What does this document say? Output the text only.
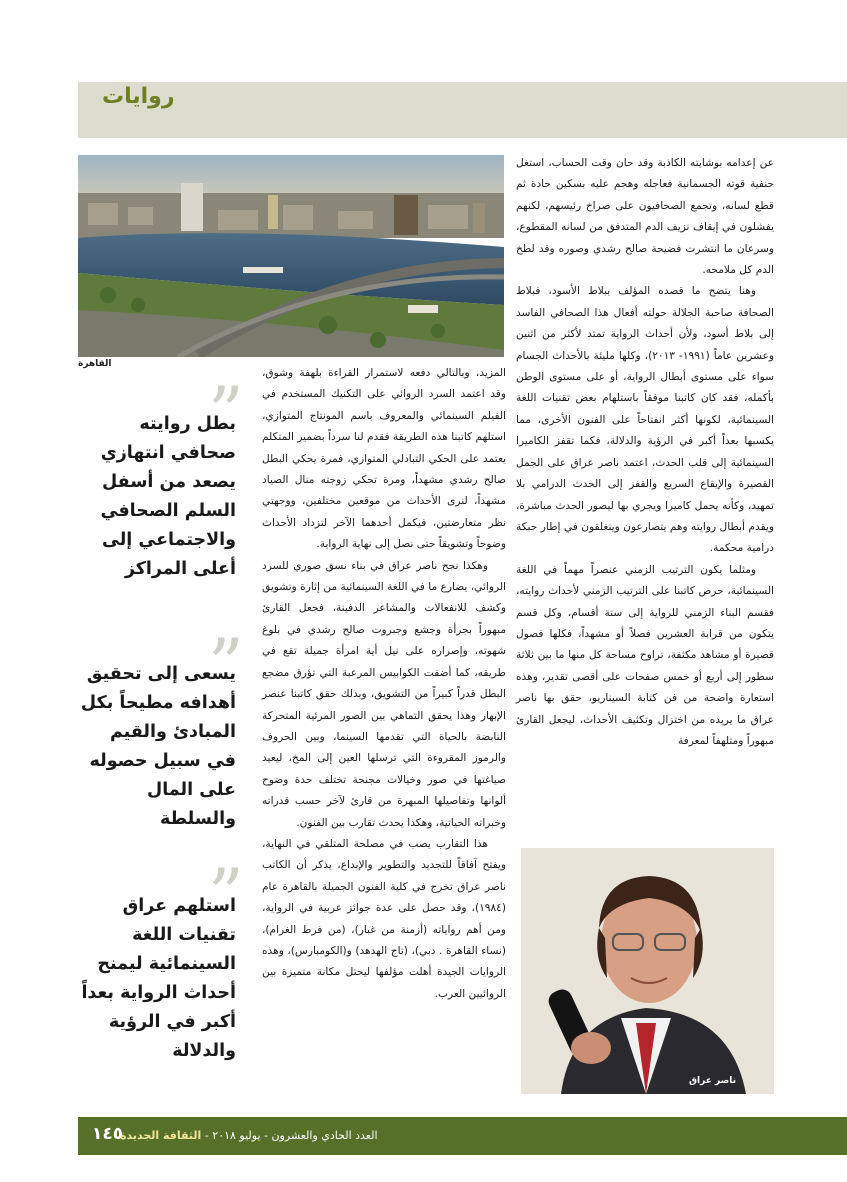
روايات
القاهرة

عن إعدامه بوشايته الكاذبة وقد حان وقت الحساب، استغل حنفية قوته الجسمانية فعاجله وهجم عليه بسكين حادة ثم قطع لسانه، وتجمع الصحافيون على صراخ رئيسهم، لكنهم يفشلون في إيقاف نزيف الدم المتدفق من لسانه المقطوع، وسرعان ما انتشرت فضيحة صالح رشدي وصوره وقد لطخ الدم كل ملامحه.

وهنا يتضح ما قصده المؤلف ببلاط الأسود، فبلاط الصحافة صاحبة الجلالة حولته أفعال هذا الصحافي الفاسد إلى بلاط أسود، ولأن أحداث الرواية تمتد لأكثر من اثنين وعشرين عاماً (١٩٩١- ٢٠١٣)، وكلها مليئة بالأحداث الجسام سواء على مستوى أبطال الرواية، أو على مستوى الوطن بأكمله، فقد كان كاتبنا موفقاً باستلهام بعض تقنيات اللغة السينمائية، لكونها أكثر انفتاحاً على الفنون الأخرى، مما يكسبها بعداً أكبر في الرؤية والدلالة، فكما تقفز الكاميرا السينمائية إلى قلب الحدث، اعتمد ناصر عراق على الجمل القصيرة والإيقاع السريع والقفز إلى الحدث الدرامي بلا تمهيد، وكأنه يحمل كاميرا ويجري بها ليصور الحدث مباشرة، ويقدم أبطال روايته وهم يتصارعون وينغلقون في إطار حبكة درامية محكمة.

ومثلما يكون الترتيب الزمني عنصراً مهماً في اللغة السينمائية، حرص كاتبنا على الترتيب الزمني لأحداث روايته، فقسم البناء الزمني للرواية إلى ستة أقسام، وكل قسم يتكون من قرابة العشرين فصلاً أو مشهداً، فكلها فصول قصيرة أو مشاهد مكثفة، تراوح مساحة كل منها ما بين ثلاثة سطور إلى أربع أو خمس صفحات على أقصى تقدير، وهذه استعارة واضحة من فن كتابة السيناريو، حقق بها ناصر عراق ما يريده من اختزال وتكثيف الأحداث، ليجعل القارئ مبهوراً ومتلهفاً لمعرفة

المزيد، وبالتالي دفعه لاستمرار القراءة بلهفة وشوق، وقد اعتمد السرد الروائي على التكنيك المستخدم في الفيلم السينمائي والمعروف باسم المونتاج المتوازي، استلهم كاتبنا هذه الطريقة فقدم لنا سرداً بضمير المتكلم يعتمد على الحكي التبادلي المتوازي، فمرة يحكي البطل صالح رشدي مشهداً، ومرة تحكي زوجته منال الصياد مشهداً، لنرى الأحداث من موقعين مختلفين، ووجهتي نظر متعارضتين، فيكمل أحدهما الآخر لتزداد الأحداث وضوحاً وتشويقاً حتى نصل إلى نهاية الرواية.

وهكذا نجح ناصر عراق في بناء نسق صوري للسرد الروائي، يضارع ما في اللغة السينمائية من إثارة وتشويق وكشف للانفعالات والمشاعر الدفينة، فجعل القارئ مبهوراً بجرأة وجشع وجبروت صالح رشدي في بلوغ شهوته، وإصراره على نيل أية امرأة جميلة تقع في طريقه، كما أضفت الكوابيس المرعبة التي تؤرق مضجع البطل قدراً كبيراً من التشويق، وبذلك حقق كاتبنا عنصر الإبهار وهذا يحقق التماهي بين الصور المرئية المتحركة النابضة بالحياة التي تقدمها السينما، وبين الحروف والرموز المقروءة التي ترسلها العين إلى المخ، ليعيد صياغتها في صور وخيالات مجنحة تختلف حدة وضوح ألوانها وتفاصيلها المبهرة من قارئ لآخر حسب قدراته وخبراته الحياتية، وهكذا يحدث تقارب بين الفنون.

هذا التقارب يصب في مصلحة المتلقي في النهاية، ويفتح آفاقاً للتجديد والتطوير والإبداع، يذكر أن الكاتب ناصر عراق تخرج في كلية الفنون الجميلة بالقاهرة عام (١٩٨٤)، وقد حصل على عدة جوائز عربية في الرواية، ومن أهم رواياته (أزمنة من غبار)، (من فرط الغرام)، (نساء القاهرة . دبي)، (تاج الهدهد) و(الكومبارس)، وهذه الروايات الجيدة أهلت مؤلفها ليحتل مكانة متميزة بين الروائيين العرب.

”
بطل روايته صحافي انتهازي يصعد من أسفل السلم الصحافي والاجتماعي إلى أعلى المراكز
”
يسعى إلى تحقيق أهدافه مطيحاً بكل المبادئ والقيم في سبيل حصوله على المال والسلطة
”
استلهم عراق تقنيات اللغة السينمائية ليمنح أحداث الرواية بعداً أكبر في الرؤية والدلالة
ناصر عراق
١٤٥	العدد الحادي والعشرون - يوليو ٢٠١٨ - الثقافة الجديدة
